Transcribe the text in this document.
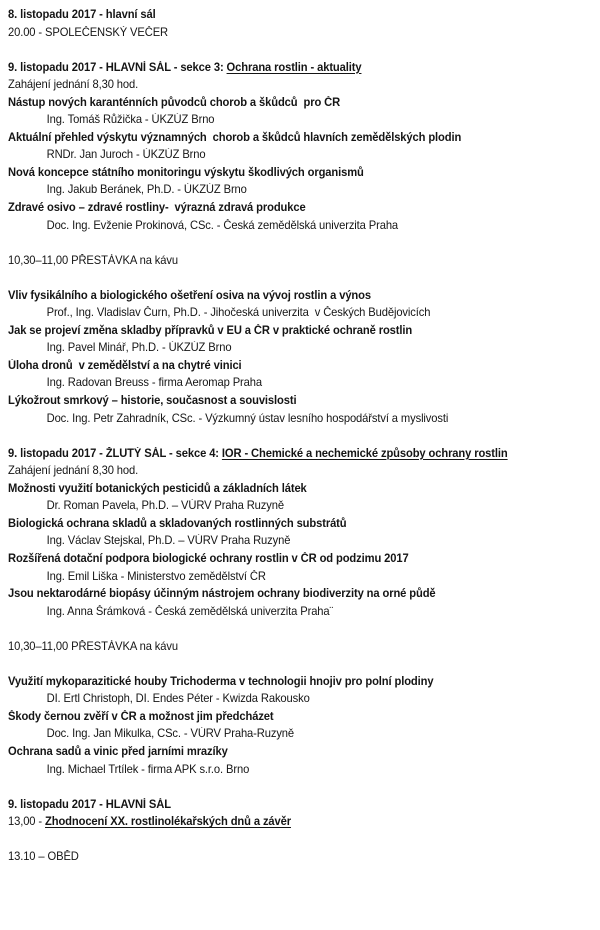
8. listopadu 2017 - hlavní sál
20.00 - SPOLEČENSKÝ VEČER
9. listopadu 2017 - HLAVNÍ SÁL - sekce 3: Ochrana rostlin - aktuality
Zahájení jednání 8,30 hod.
Nástup nových karanténních původců chorob a škůdců  pro ČR
Ing. Tomáš Růžička - ÚKZÚZ Brno
Aktuální přehled výskytu významných  chorob a škůdců hlavních zemědělských plodin
RNDr. Jan Juroch - ÚKZÚZ Brno
Nová koncepce státního monitoringu výskytu škodlivých organismů
Ing. Jakub Beránek, Ph.D. - ÚKZÚZ Brno
Zdravé osivo – zdravé rostliny-  výrazná zdravá produkce
Doc. Ing. Evženie Prokinová, CSc. - Česká zemědělská univerzita Praha
10,30–11,00 PŘESTÁVKA na kávu
Vliv fysikálního a biologického ošetření osiva na vývoj rostlin a výnos
Prof., Ing. Vladislav Čurn, Ph.D. - Jihočeská univerzita  v Českých Budějovicích
Jak se projeví změna skladby přípravků v EU a ČR v praktické ochraně rostlin
Ing. Pavel Minář, Ph.D. - ÚKZÚZ Brno
Úloha dronů  v zemědělství a na chytré vinici
Ing. Radovan Breuss - firma Aeromap Praha
Lýkožrout smrkový – historie, současnost a souvislosti
Doc. Ing. Petr Zahradník, CSc. - Výzkumný ústav lesního hospodářství a myslivosti
9. listopadu 2017 - ŽLUTÝ SÁL - sekce 4: IOR - Chemické a nechemické způsoby ochrany rostlin
Zahájení jednání 8,30 hod.
Možnosti využití botanických pesticidů a základních látek
Dr. Roman Pavela, Ph.D. – VÚRV Praha Ruzyně
Biologická ochrana skladů a skladovaných rostlinných substrátů
Ing. Václav Stejskal, Ph.D. – VÚRV Praha Ruzyně
Rozšířená dotační podpora biologické ochrany rostlin v ČR od podzimu 2017
Ing. Emil Liška - Ministerstvo zemědělství ČR
Jsou nektarodárné biopásy účinným nástrojem ochrany biodiverzity na orné půdě
Ing. Anna Šrámková - Česká zemědělská univerzita Praha¨
10,30–11,00 PŘESTÁVKA na kávu
Využití mykoparazitické houby Trichoderma v technologii hnojiv pro polní plodiny
DI. Ertl Christoph, DI. Endes Péter - Kwizda Rakousko
Škody černou zvěří v ČR a možnost jim předcházet
Doc. Ing. Jan Mikulka, CSc. - VÚRV Praha-Ruzyně
Ochrana sadů a vinic před jarními mrazíky
Ing. Michael Trtílek - firma APK s.r.o. Brno
9. listopadu 2017 - HLAVNÍ SÁL
13,00 - Zhodnocení XX. rostlinolékařských dnů a závěr
13.10 – OBĚD
